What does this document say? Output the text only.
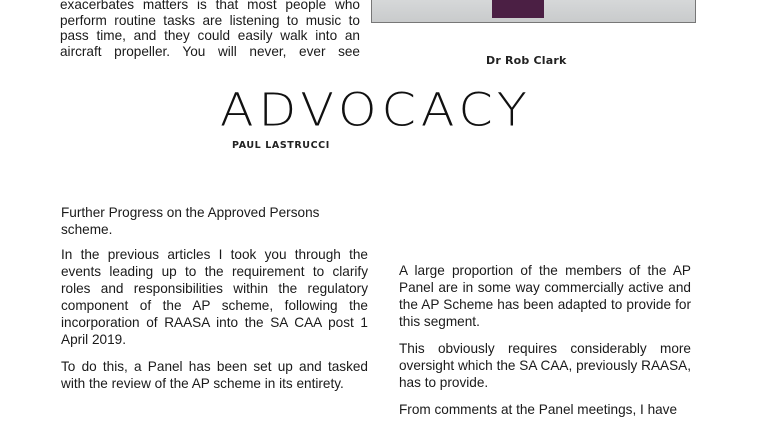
exacerbates matters is that most people who
perform routine tasks are listening to music to
pass time, and they could easily walk into an
aircraft propeller. You will never, ever see
Dr Rob Clark
ADVOCACY
PAUL LASTRUCCI

Further Progress on the Approved Persons scheme.

In the previous articles I took you through the events leading up to the requirement to clarify roles and responsibilities within the regulatory component of the AP scheme, following the incorporation of RAASA into the SA CAA post 1 April 2019.

To do this, a Panel has been set up and tasked with the review of the AP scheme in its entirety.

A large proportion of the members of the AP Panel are in some way commercially active and the AP Scheme has been adapted to provide for this segment.

This obviously requires considerably more oversight which the SA CAA, previously RAASA, has to provide.

From comments at the Panel meetings, I have
